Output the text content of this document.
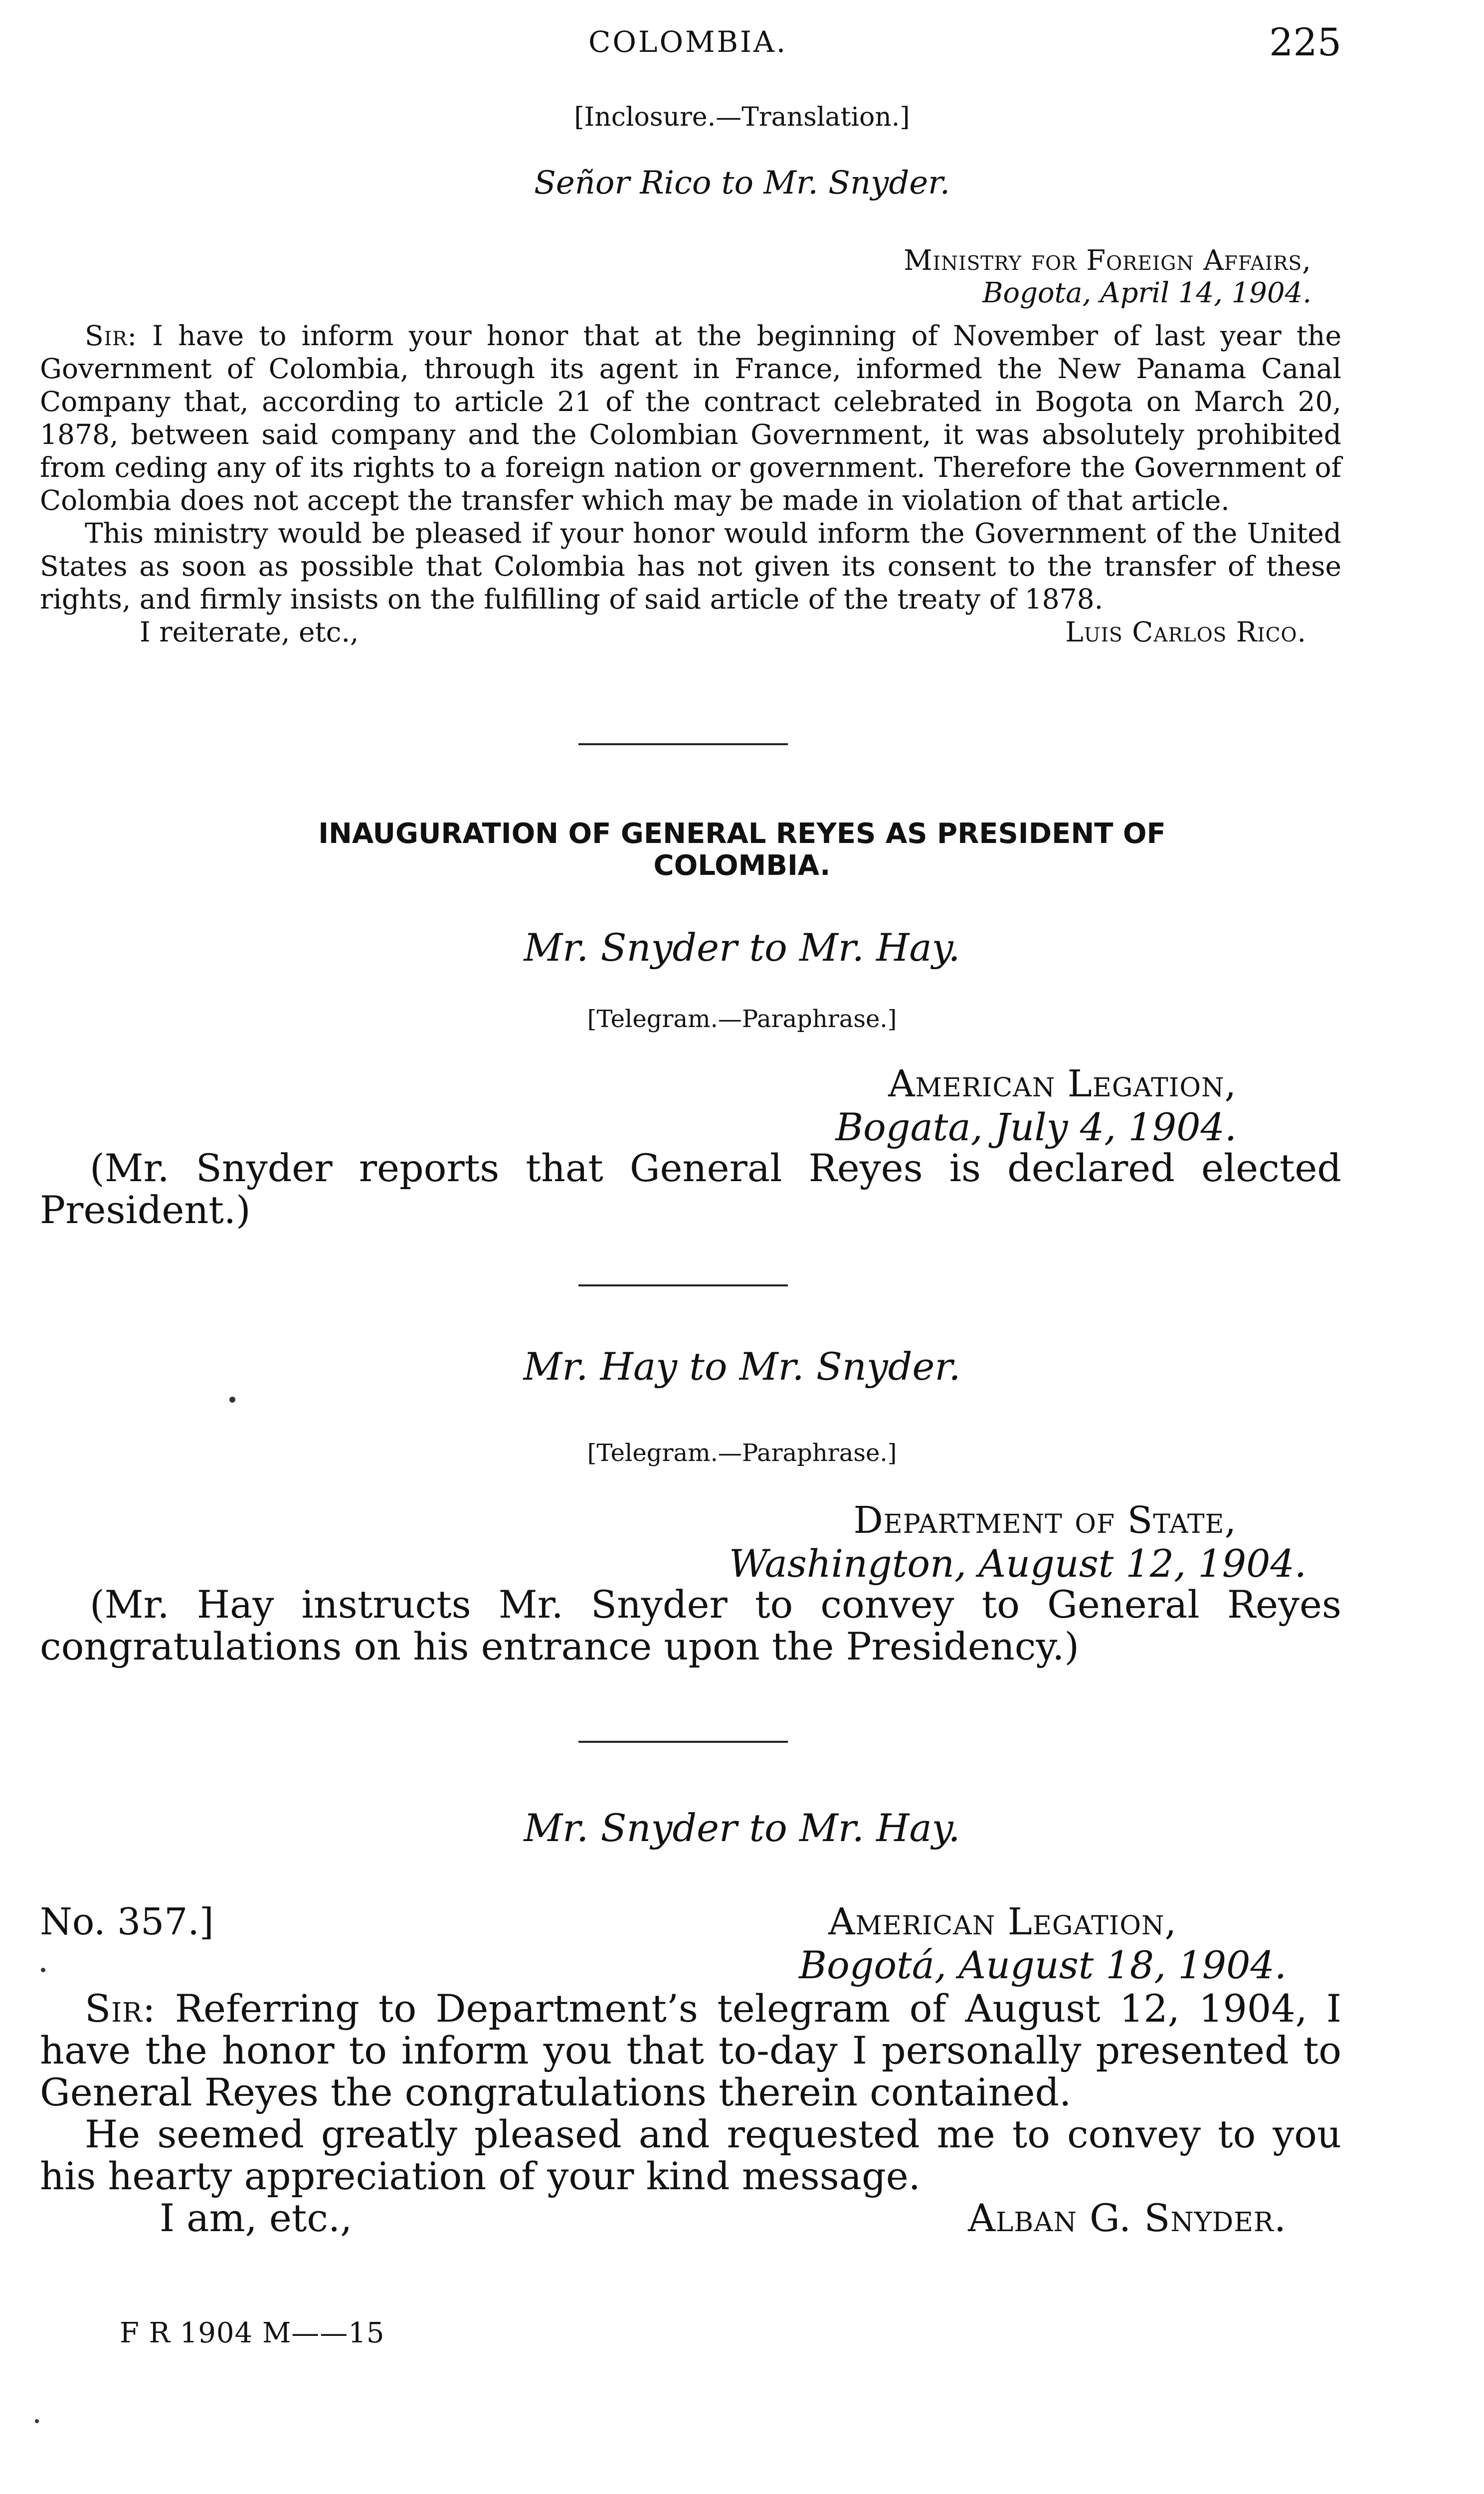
COLOMBIA.	225
[Inclosure.—Translation.]
Señor Rico to Mr. Snyder.
Ministry for Foreign Affairs,
Bogota, April 14, 1904.

Sir: I have to inform your honor that at the beginning of November of last year the Government of Colombia, through its agent in France, informed the New Panama Canal Company that, according to article 21 of the contract celebrated in Bogota on March 20, 1878, between said company and the Colombian Government, it was absolutely prohibited from ceding any of its rights to a foreign nation or government. Therefore the Government of Colombia does not accept the transfer which may be made in violation of that article.

This ministry would be pleased if your honor would inform the Government of the United States as soon as possible that Colombia has not given its consent to the transfer of these rights, and firmly insists on the fulfilling of said article of the treaty of 1878.

I reiterate, etc.,	Luis Carlos Rico.
INAUGURATION OF GENERAL REYES AS PRESIDENT OF
COLOMBIA.
Mr. Snyder to Mr. Hay.
[Telegram.—Paraphrase.]
American Legation,
Bogata, July 4, 1904.
(Mr. Snyder reports that General Reyes is declared elected President.)
Mr. Hay to Mr. Snyder.
[Telegram.—Paraphrase.]
Department of State,
Washington, August 12, 1904.
(Mr. Hay instructs Mr. Snyder to convey to General Reyes congratulations on his entrance upon the Presidency.)
Mr. Snyder to Mr. Hay.
No. 357.]	American Legation,
Bogotá, August 18, 1904.

Sir: Referring to Department’s telegram of August 12, 1904, I have the honor to inform you that to-day I personally presented to General Reyes the congratulations therein contained.

He seemed greatly pleased and requested me to convey to you his hearty appreciation of your kind message.

I am, etc.,	Alban G. Snyder.
F R 1904 M——15
